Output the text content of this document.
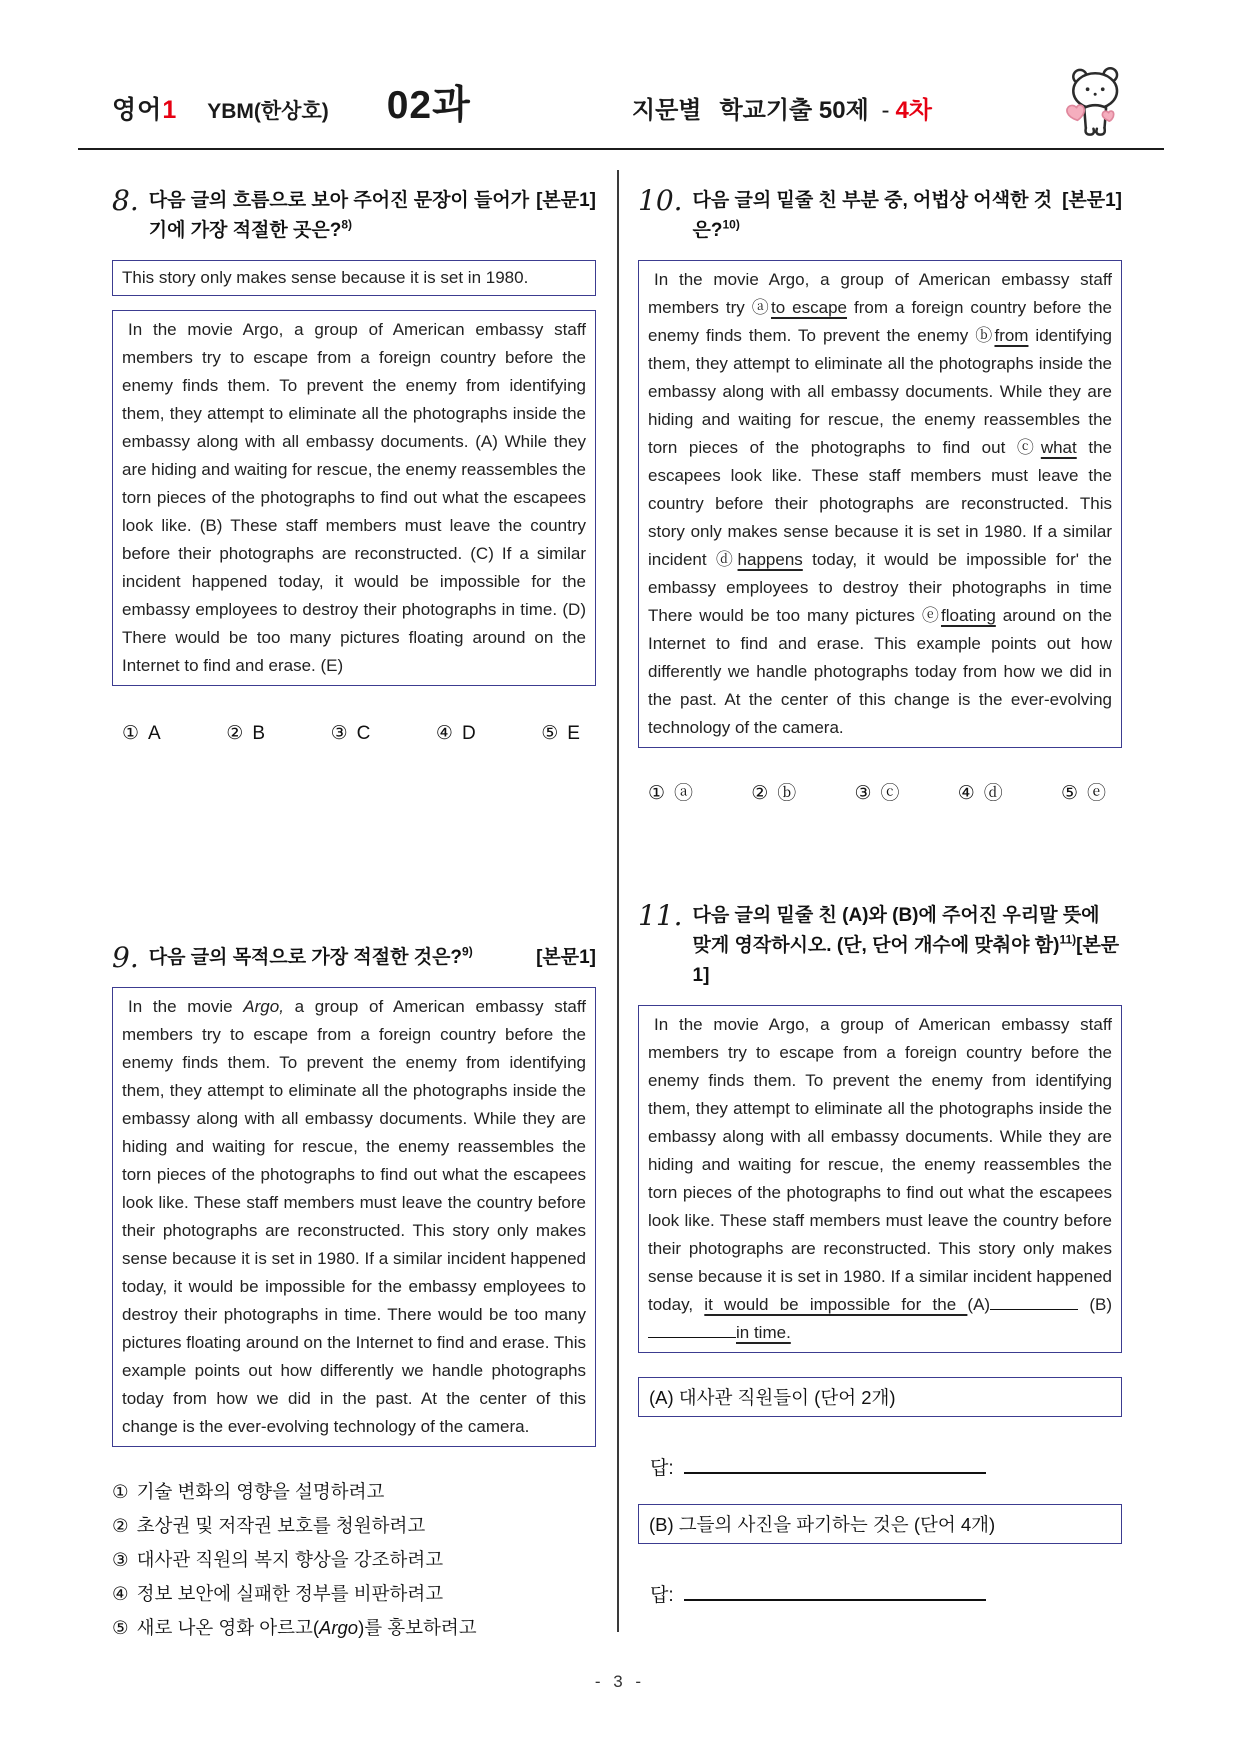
영어1 YBM(한상호) 02과	지문별 학교기출 50제 - 4차
8.	[본문1]
다음 글의 흐름으로 보아 주어진 문장이 들어가기에 가장 적절한 곳은?$^{8)}$
This story only makes sense because it is set in 1980.
In the movie Argo, a group of American embassy staff members try to escape from a foreign country before the enemy finds them. To prevent the enemy from identifying them, they attempt to eliminate all the photographs inside the embassy along with all embassy documents. (A) While they are hiding and waiting for rescue, the enemy reassembles the torn pieces of the photographs to find out what the escapees look like. (B) These staff members must leave the country before their photographs are reconstructed. (C) If a similar incident happened today, it would be impossible for the embassy employees to destroy their photographs in time. (D) There would be too many pictures floating around on the Internet to find and erase. (E)
① A	② B	③ C	④ D	⑤ E
9.	[본문1]
다음 글의 목적으로 가장 적절한 것은?$^{9)}$
In the movie Argo, a group of American embassy staff members try to escape from a foreign country before the enemy finds them. To prevent the enemy from identifying them, they attempt to eliminate all the photographs inside the embassy along with all embassy documents. While they are hiding and waiting for rescue, the enemy reassembles the torn pieces of the photographs to find out what the escapees look like. These staff members must leave the country before their photographs are reconstructed. This story only makes sense because it is set in 1980. If a similar incident happened today, it would be impossible for the embassy employees to destroy their photographs in time. There would be too many pictures floating around on the Internet to find and erase. This example points out how differently we handle photographs today from how we did in the past. At the center of this change is the ever-evolving technology of the camera.
① 기술 변화의 영향을 설명하려고
② 초상권 및 저작권 보호를 청원하려고
③ 대사관 직원의 복지 향상을 강조하려고
④ 정보 보안에 실패한 정부를 비판하려고
⑤ 새로 나온 영화 아르고(Argo)를 홍보하려고
10.	[본문1]
다음 글의 밑줄 친 부분 중, 어법상 어색한 것은?$^{10)}$
In the movie Argo, a group of American embassy staff members try ⓐto escape from a foreign country before the enemy finds them. To prevent the enemy ⓑfrom identifying them, they attempt to eliminate all the photographs inside the embassy along with all embassy documents. While they are hiding and waiting for rescue, the enemy reassembles the torn pieces of the photographs to find out ⓒwhat the escapees look like. These staff members must leave the country before their photographs are reconstructed. This story only makes sense because it is set in 1980. If a similar incident ⓓhappens today, it would be impossible for' the embassy employees to destroy their photographs in time There would be too many pictures ⓔfloating around on the Internet to find and erase. This example points out how differently we handle photographs today from how we did in the past. At the center of this change is the ever-evolving technology of the camera.
① ⓐ	② ⓑ	③ ⓒ	④ ⓓ	⑤ ⓔ
11. 다음 글의 밑줄 친 (A)와 (B)에 주어진 우리말 뜻에 맞게 영작하시오. (단, 단어 개수에 맞춰야 함)$^{11)}$[본문1]
In the movie Argo, a group of American embassy staff members try to escape from a foreign country before the enemy finds them. To prevent the enemy from identifying them, they attempt to eliminate all the photographs inside the embassy along with all embassy documents. While they are hiding and waiting for rescue, the enemy reassembles the torn pieces of the photographs to find out what the escapees look like. These staff members must leave the country before their photographs are reconstructed. This story only makes sense because it is set in 1980. If a similar incident happened today, it would be impossible for the (A)	(B)in time.
(A) 대사관 직원들이 (단어 2개)
답:
(B) 그들의 사진을 파기하는 것은 (단어 4개)
답:
- 3 -
